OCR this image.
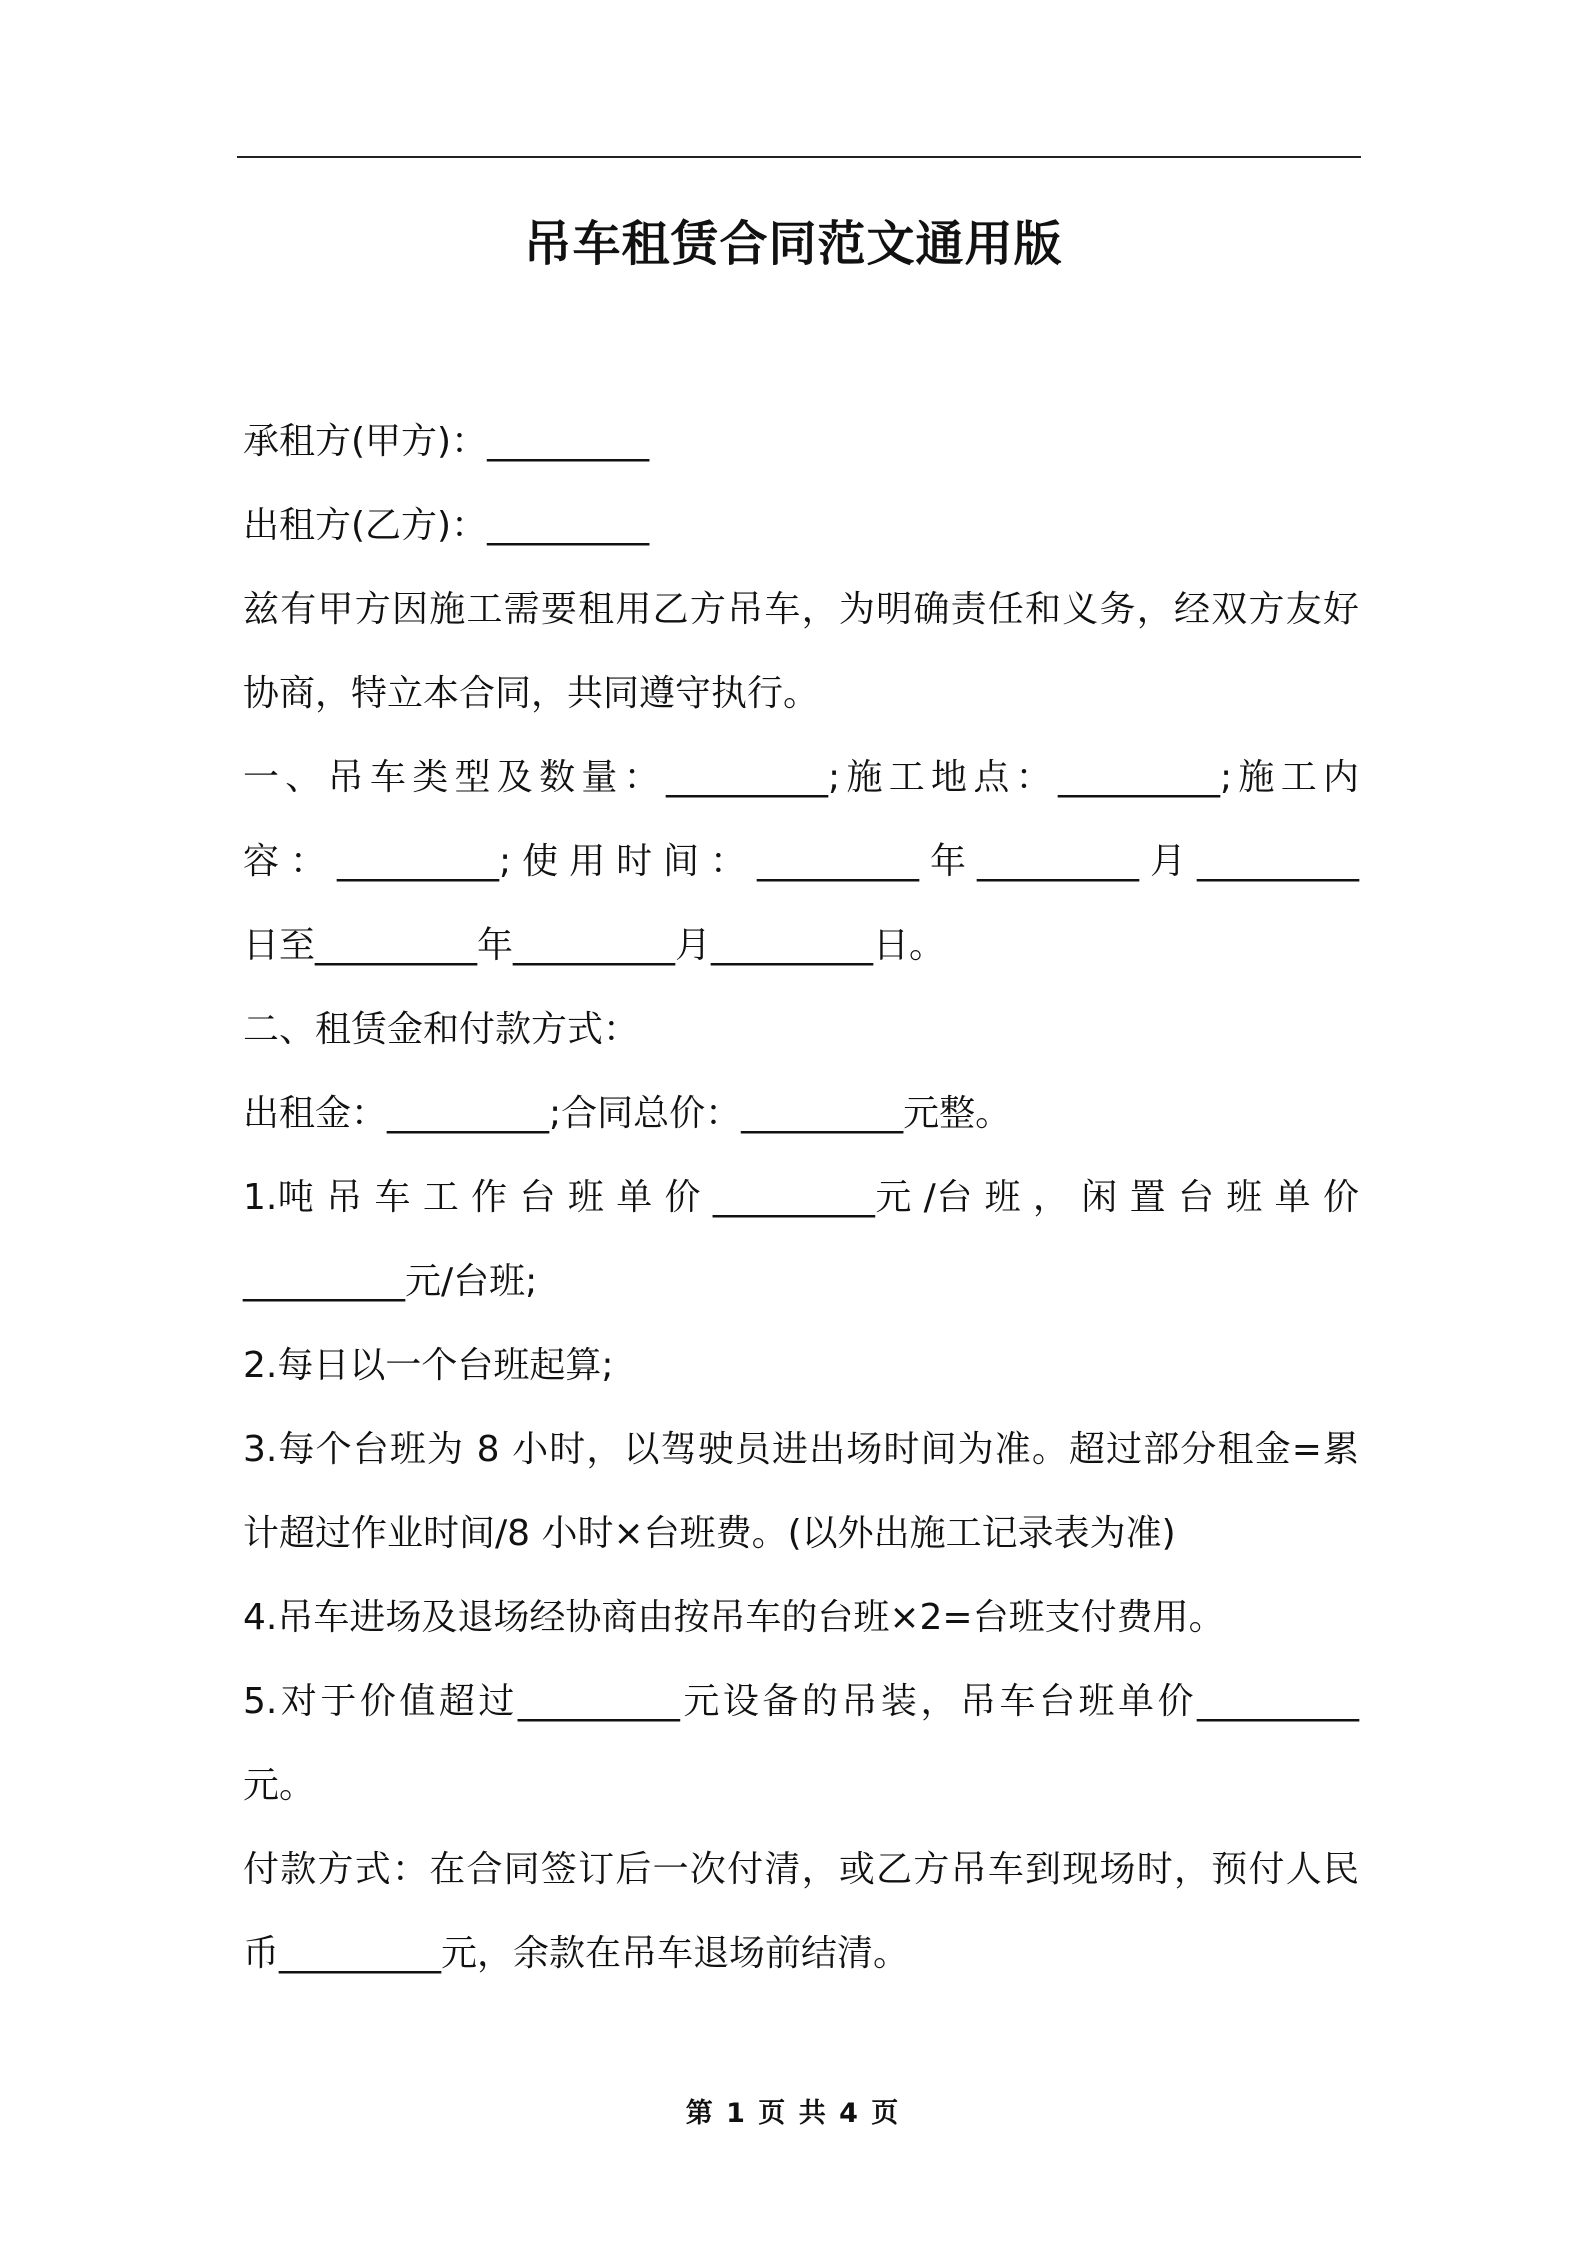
吊车租赁合同范文通用版
承租方(甲方)：_________
出租方(乙方)：_________
兹有甲方因施工需要租用乙方吊车，为明确责任和义务，经双方友好
协商，特立本合同，共同遵守执行。
一、吊车类型及数量：_________;施工地点：_________;施工内
容：_________;使用时间：_________年_________月_________
日至_________年_________月_________日。
二、租赁金和付款方式：
出租金：_________;合同总价：_________元整。
1.吨 吊 车 工 作 台 班 单 价 _________元 /台 班 ， 闲 置 台 班 单 价
_________元/台班;
2.每日以一个台班起算;
3.每个台班为 8 小时，以驾驶员进出场时间为准。超过部分租金=累
计超过作业时间/8 小时×台班费。(以外出施工记录表为准)
4.吊车进场及退场经协商由按吊车的台班×2=台班支付费用。
5.对于价值超过_________元设备的吊装，吊车台班单价_________
元。
付款方式：在合同签订后一次付清，或乙方吊车到现场时，预付人民
币_________元，余款在吊车退场前结清。
第 1 页 共 4 页
